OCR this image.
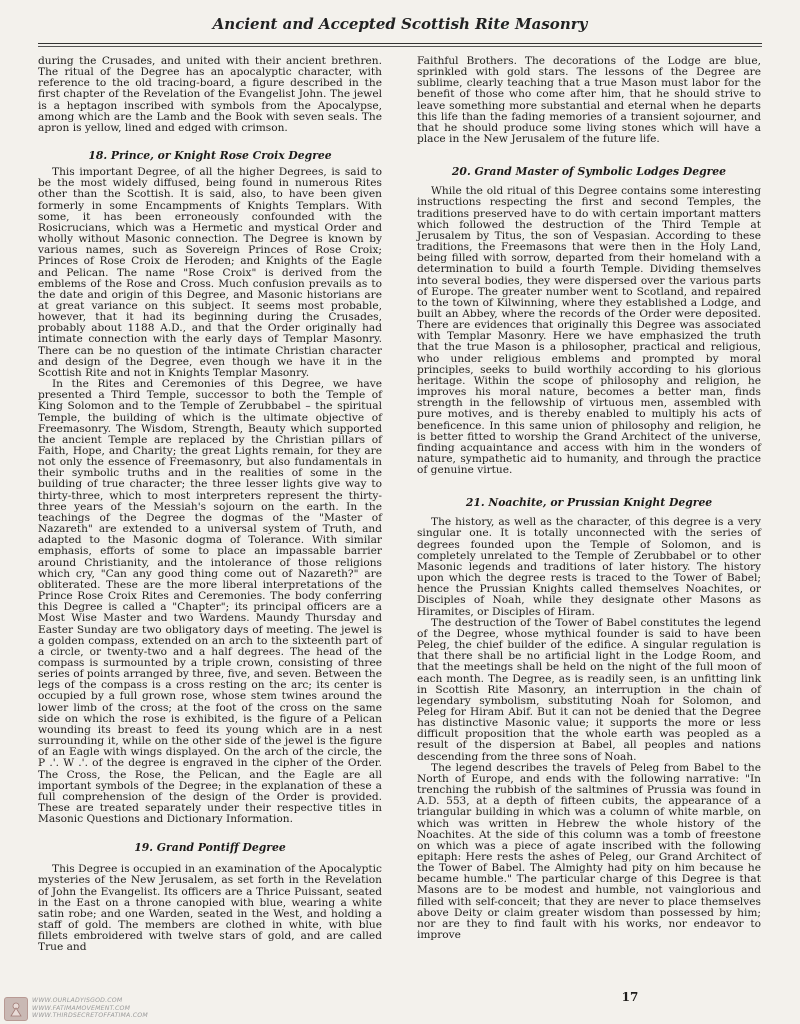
Ancient and Accepted Scottish Rite Masonry

during the Crusades, and united with their ancient brethren. The ritual of the Degree has an apocalyptic character, with reference to the old tracing-board, a figure described in the first chapter of the Revelation of the Evangelist John. The jewel is a heptagon inscribed with symbols from the Apocalypse, among which are the Lamb and the Book with seven seals. The apron is yellow, lined and edged with crimson.

18. Prince, or Knight Rose Croix Degree

This important Degree, of all the higher Degrees, is said to be the most widely diffused, being found in numerous Rites other than the Scottish. It is said, also, to have been given formerly in some Encampments of Knights Templars. With some, it has been erroneously confounded with the Rosicrucians, which was a Hermetic and mystical Order and wholly without Masonic connection. The Degree is known by various names, such as Sovereign Princes of Rose Croix; Princes of Rose Croix de Heroden; and Knights of the Eagle and Pelican. The name "Rose Croix" is derived from the emblems of the Rose and Cross. Much confusion prevails as to the date and origin of this Degree, and Masonic historians are at great variance on this subject. It seems most probable, however, that it had its beginning during the Crusades, probably about 1188 A.D., and that the Order originally had intimate connection with the early days of Templar Masonry. There can be no question of the intimate Christian character and design of the Degree, even though we have it in the Scottish Rite and not in Knights Templar Masonry.

In the Rites and Ceremonies of this Degree, we have presented a Third Temple, successor to both the Temple of King Solomon and to the Temple of Zerubbabel – the spiritual Temple, the building of which is the ultimate objective of Freemasonry. The Wisdom, Strength, Beauty which supported the ancient Temple are replaced by the Christian pillars of Faith, Hope, and Charity; the great Lights remain, for they are not only the essence of Freemasonry, but also fundamentals in their symbolic truths and in the realities of some in the building of true character; the three lesser lights give way to thirty-three, which to most interpreters represent the thirty-three years of the Messiah's sojourn on the earth. In the teachings of the Degree the dogmas of the "Master of Nazareth" are extended to a universal system of Truth, and adapted to the Masonic dogma of Tolerance. With similar emphasis, efforts of some to place an impassable barrier around Christianity, and the intolerance of those religions which cry, "Can any good thing come out of Nazareth?" are obliterated. These are the more liberal interpretations of the Prince Rose Croix Rites and Ceremonies. The body conferring this Degree is called a "Chapter"; its principal officers are a Most Wise Master and two Wardens. Maundy Thursday and Easter Sunday are two obligatory days of meeting. The jewel is a golden compass, extended on an arch to the sixteenth part of a circle, or twenty-two and a half degrees. The head of the compass is surmounted by a triple crown, consisting of three series of points arranged by three, five, and seven. Between the legs of the compass is a cross resting on the arc; its center is occupied by a full grown rose, whose stem twines around the lower limb of the cross; at the foot of the cross on the same side on which the rose is exhibited, is the figure of a Pelican wounding its breast to feed its young which are in a nest surrounding it, while on the other side of the jewel is the figure of an Eagle with wings displayed. On the arch of the circle, the P .'. W .'. of the degree is engraved in the cipher of the Order. The Cross, the Rose, the Pelican, and the Eagle are all important symbols of the Degree; in the explanation of these a full comprehension of the design of the Order is provided. These are treated separately under their respective titles in Masonic Questions and Dictionary Information.

19. Grand Pontiff Degree

This Degree is occupied in an examination of the Apocalyptic mysteries of the New Jerusalem, as set forth in the Revelation of John the Evangelist. Its officers are a Thrice Puissant, seated in the East on a throne canopied with blue, wearing a white satin robe; and one Warden, seated in the West, and holding a staff of gold. The members are clothed in white, with blue fillets embroidered with twelve stars of gold, and are called True and

Faithful Brothers. The decorations of the Lodge are blue, sprinkled with gold stars. The lessons of the Degree are sublime, clearly teaching that a true Mason must labor for the benefit of those who come after him, that he should strive to leave something more substantial and eternal when he departs this life than the fading memories of a transient sojourner, and that he should produce some living stones which will have a place in the New Jerusalem of the future life.

20. Grand Master of Symbolic Lodges Degree

While the old ritual of this Degree contains some interesting instructions respecting the first and second Temples, the traditions preserved have to do with certain important matters which followed the destruction of the Third Temple at Jerusalem by Titus, the son of Vespasian. According to these traditions, the Freemasons that were then in the Holy Land, being filled with sorrow, departed from their homeland with a determination to build a fourth Temple. Dividing themselves into several bodies, they were dispersed over the various parts of Europe. The greater number went to Scotland, and repaired to the town of Kilwinning, where they established a Lodge, and built an Abbey, where the records of the Order were deposited. There are evidences that originally this Degree was associated with Templar Masonry. Here we have emphasized the truth that the true Mason is a philosopher, practical and religious, who under religious emblems and prompted by moral principles, seeks to build worthily according to his glorious heritage. Within the scope of philosophy and religion, he improves his moral nature, becomes a better man, finds strength in the fellowship of virtuous men, assembled with pure motives, and is thereby enabled to multiply his acts of beneficence. In this same union of philosophy and religion, he is better fitted to worship the Grand Architect of the universe, finding acquaintance and access with him in the wonders of nature, sympathetic aid to humanity, and through the practice of genuine virtue.

21. Noachite, or Prussian Knight Degree

The history, as well as the character, of this degree is a very singular one. It is totally unconnected with the series of degrees founded upon the Temple of Solomon, and is completely unrelated to the Temple of Zerubbabel or to other Masonic legends and traditions of later history. The history upon which the degree rests is traced to the Tower of Babel; hence the Prussian Knights called themselves Noachites, or Disciples of Noah, while they designate other Masons as Hiramites, or Disciples of Hiram.

The destruction of the Tower of Babel constitutes the legend of the Degree, whose mythical founder is said to have been Peleg, the chief builder of the edifice. A singular regulation is that there shall be no artificial light in the Lodge Room, and that the meetings shall be held on the night of the full moon of each month. The Degree, as is readily seen, is an unfitting link in Scottish Rite Masonry, an interruption in the chain of legendary symbolism, substituting Noah for Solomon, and Peleg for Hiram Abif. But it can not be denied that the Degree has distinctive Masonic value; it supports the more or less difficult proposition that the whole earth was peopled as a result of the dispersion at Babel, all peoples and nations descending from the three sons of Noah.

The legend describes the travels of Peleg from Babel to the North of Europe, and ends with the following narrative: "In trenching the rubbish of the saltmines of Prussia was found in A.D. 553, at a depth of fifteen cubits, the appearance of a triangular building in which was a column of white marble, on which was written in Hebrew the whole history of the Noachites. At the side of this column was a tomb of freestone on which was a piece of agate inscribed with the following epitaph: Here rests the ashes of Peleg, our Grand Architect of the Tower of Babel. The Almighty had pity on him because he became humble." The particular charge of this Degree is that Masons are to be modest and humble, not vainglorious and filled with self-conceit; that they are never to place themselves above Deity or claim greater wisdom than possessed by him; nor are they to find fault with his works, nor endeavor to improve

17
WWW.OURLADYISGOD.COM
WWW.FATIMAMOVEMENT.COM
WWW.THIRDSECRETOFFATIMA.COM
